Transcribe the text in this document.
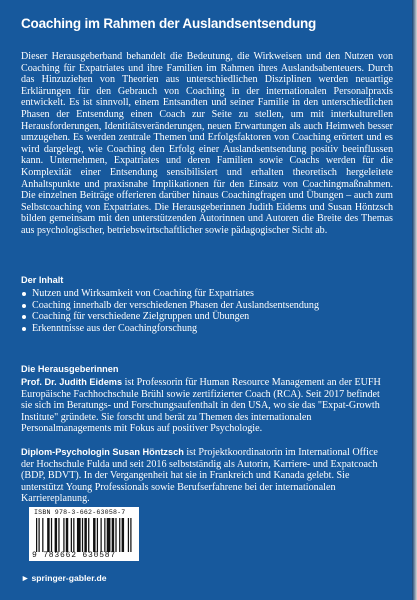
Coaching im Rahmen der Auslandsentsendung
Dieser Herausgeberband behandelt die Bedeutung, die Wirkweisen und den Nutzen von Coaching für Expatriates und ihre Familien im Rahmen ihres Auslandsabenteuers. Durch das Hinzuziehen von Theorien aus unterschiedlichen Disziplinen werden neuartige Erklärungen für den Gebrauch von Coaching in der internationalen Personalpraxis entwickelt. Es ist sinnvoll, einem Entsandten und seiner Familie in den unterschiedlichen Phasen der Entsendung einen Coach zur Seite zu stellen, um mit interkulturellen Herausforderungen, Identitätsveränderungen, neuen Erwartungen als auch Heimweh besser umzugehen. Es werden zentrale Themen und Erfolgsfaktoren von Coaching erörtert und es wird dargelegt, wie Coaching den Erfolg einer Auslandsentsendung positiv beeinflussen kann. Unternehmen, Expatriates und deren Familien sowie Coachs werden für die Komplexität einer Entsendung sensibilisiert und erhalten theoretisch hergeleitete Anhaltspunkte und praxisnahe Implikationen für den Einsatz von Coachingmaßnahmen. Die einzelnen Beiträge offerieren darüber hinaus Coachingfragen und Übungen – auch zum Selbstcoaching von Expatriates. Die Herausgeberinnen Judith Eidems und Susan Höntzsch bilden gemeinsam mit den unterstützenden Autorinnen und Autoren die Breite des Themas aus psychologischer, betriebswirtschaftlicher sowie pädagogischer Sicht ab.
Der Inhalt
Nutzen und Wirksamkeit von Coaching für Expatriates
Coaching innerhalb der verschiedenen Phasen der Auslandsentsendung
Coaching für verschiedene Zielgruppen und Übungen
Erkenntnisse aus der Coachingforschung
Die Herausgeberinnen
Prof. Dr. Judith Eidems ist Professorin für Human Resource Management an der EUFH Europäische Fachhochschule Brühl sowie zertifizierter Coach (RCA). Seit 2017 befindet sie sich im Beratungs- und Forschungsaufenthalt in den USA, wo sie das "Expat-Growth Institute" gründete. Sie forscht und berät zu Themen des internationalen Personalmanagements mit Fokus auf positiver Psychologie.
Diplom-Psychologin Susan Höntzsch ist Projektkoordinatorin im International Office der Hochschule Fulda und seit 2016 selbstständig als Autorin, Karriere- und Expatcoach (BDP, BDVT). In der Vergangenheit hat sie in Frankreich und Kanada gelebt. Sie unterstützt Young Professionals sowie Berufserfahrene bei der internationalen Karriereplanung.
ISBN 978-3-662-63058-7
9 783662 630587
► springer-gabler.de
